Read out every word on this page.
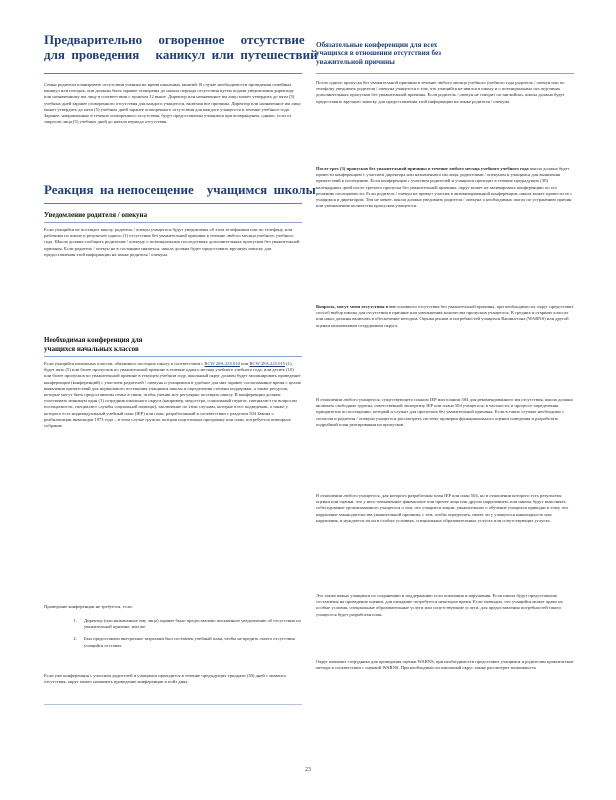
Предварительно     огворенное     отсутствие
для  проведения     каникул  или  путешествий

Семьи родители планировать отсутствия ученика во время школьных занятий. В случае необходимости проведения семейных каникул или поездок, они должны быть заранее оговорены до начала периода отсутствия путем подачи уведомления директору или назначенному им лицу в соответствии с пунктом 12 выше. Директор или назначенное им лицо может утвердить до пяти (5) учебных дней заранее оговоренного отсутствия для каждого учащегося, включая все причины. Директор или назначенное им лицо может утвердить до пяти (5) учебных дней заранее оговоренного отсутствия для каждого учащегося в течение учебного года. Заранее, направленные в течение оговоренного отсутствия, будут предоставлены учащимся при возвращении, однако, если от запросов лица (5) учебных дней до начала периода отсутствия.

Реакция  на непосещение    учащимся  школы
Уведомление родителя / опекуна

Если учащийся не посещает школу, родитель / опекун учащегося будут уведомлены об этом телефонном или по телефону, или рабочими по школе в результате одного (1) отсутствия без уважительной причины в течение любого месяца учебного учебного года. Школа должна сообщить родителям / опекуну о потенциальных последствиях дополнительных пропусков без уважительной причины. Если родитель / опекун не в состоянии связаться, школа должна будет предоставить вручную записку для предоставления этой информации на языке родителя / опекуна.

Необходимая конференция для
учащихся начальных классов

Если учащийся начальных классов, обязанного посещать школу в соответствии с RCW 28A.225.010 или RCW 28A.225.015 (1), будет пять (5) или более пропусков по уважительной причине в течение одного месяца учебного учебного года, или десять (10) или более пропусков по уважительной причине в текущем учебном году, школьный округ должен будет запланировать проведение конференции (конференций) с участием родителей / опекуна и учащимися в удобное для них заранее согласованное время с целью выявления препятствий для нормального посещения учащимся школы и определения степени поддержки, а также ресурсов, которые могут быть предоставлены семье в связи, чтобы ученик мог регулярно посещать школу. В конференции должен участвовать минимум один (1) сотрудник школьного округа (например, медсестра, социальный педагог, специалист по вопросам посещаемости, специалист службы социальной помощи), заключение по этим случаям, которые в его подведении, а также у которого есть индивидуальный учебный план (IEP) или план, разработанный в соответствии с разделом 504 Закона о реабилитации инвалидов 1973 года – в этом случае группы, которая подготовила программу или план, потребуется повторное собрание.

Проведение конференции не требуется, если:

1. Директор (или назначенное ему лицо) заранее было предоставлено письменное уведомление об отсутствии по уважительной причине, или же
2. Был предоставлен внесрочное затратами был составлен учебный план, чтобы не вредить своего отсутствия учащийся отставал.

Если уже конференция с участием родителей и учащимся проводится в течение предыдущих тридцати (30) дней с момента отсутствия, округ может назначить проведение конференции в пойт днях.

Обязательные конференции для всех
учащихся в отношении отсутствия без
уважительной причины

После одного пропуска без уважительной причины в течение любого месяца учебного учебного года родитель / опекун или по телефону уведомить родителя / опекуна учащегося о том, что учащийся не явился в школу и о потенциальных последствиях дополнительных пропусков без уважительной причины. Если родитель / опекун не говорит по-английски, школа должна будет предоставить вручную записку для предоставления этой информации на языке родителя / опекуна.

После трех (3) пропусков без уважительной причины в течение любого месяца учебного учебного года школа должна будет провести конференцию с участием директора или назначенного им лица, родителями / опекуном и учащимся для выявления препятствий к посещению. Если конференция с участием родителей и учащихся проходит в течение предыдущих (30) календарных дней после третьего пропуска без уважительной причины, округ может не активировать конференцию по его решению посещаемости. Если родитель / опекун не примут участия в активизированной конференции, школа может провести ее с учащимся и директором. Тем не менее, школа должна уведомить родителя / опекуна о необходимых шагах по устранению причин или уменьшению количества пропусков учащегося.

Вопросы, могут меня отсутствия в его основного отсутствия без уважительной причины, при необходимости, округ предоставит способ выбор школы для отсутствия в причине или уменьшения количества пропусков учащегося. В средних и старших классах или школ должны включать в обеспечение методом. Оценка рисков и потребностей учащихся Вашингтона (WARNS) или другой оценки назначенным сотрудником округа.

В отношении любого учащегося, существующего планом IEP или планом 504 для рекомендованного им отсутствия, школа должна включать свободные группы, ответственной экспертизу IEP или плана 504 учащегося, в частности, в процессе определения приоритетов по посещению, который и служит для пропусков без уважительной причины. Если в таких случаях необходимо с согласия и родителя / опекуна учащегося рассмотреть систему проверки функционального оценки поведения и разработать подробный план реагирования на пропусков.

В отношении любого учащегося, для которого разработаны план IEP или план 504, но в отношении которого есть результаты оценки или оценки, что у него повышенное финансовое или прочее лица или других нарушением, или школы будут выполнять собеседование организованного учащегося о том, что учащиеся лицом, уважительное о обучение учащихся приводят к тому, что нарушение законодательства уважительной причины, с тем, чтобы определить, имеет ли у учащегося инвалидность или нарушения, и нуждается ли он в особых условиях, специальных образовательных услугах или сопутствующих услугах.

Это также важно учащимся по сохранению и поддержанию если показания и нарушения. Если школа будут предоставлено составлены на проведение оценки, для ожидание потребуется некоторое время. Если очевидно, что учащийся может право на особые условия, специальные образовательные услуги или сопутствующие услуги, для предоставления потребностей такого учащегося будет разработан план.

Округ назначит сотрудника для проведения оценки WARNS, при необходимости предоставит учащимся и родителям практические методы в соответствии с оценкой WARNS. При необходимости школьный округ также рассмотрит возможность

23
